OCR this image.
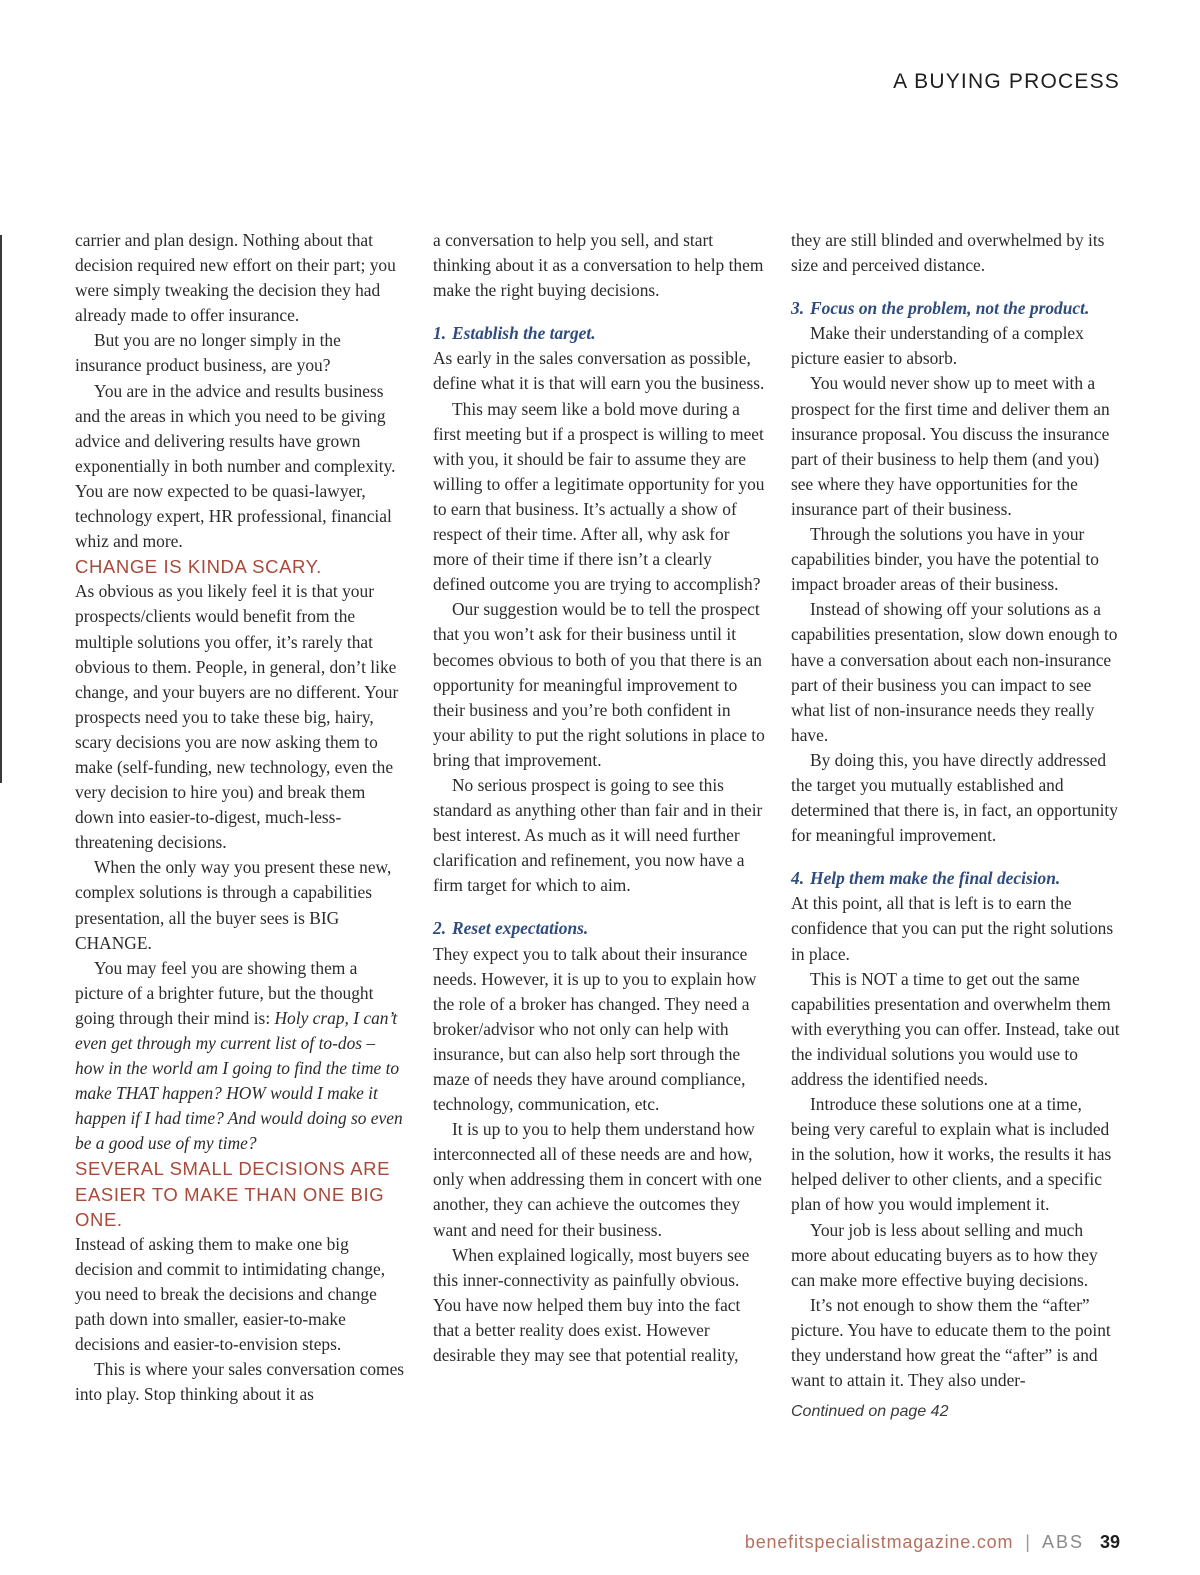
A BUYING PROCESS

carrier and plan design. Nothing about that decision required new effort on their part; you were simply tweaking the decision they had already made to offer insurance.

But you are no longer simply in the insurance product business, are you?

You are in the advice and results business and the areas in which you need to be giving advice and delivering results have grown exponentially in both number and complexity. You are now expected to be quasi-lawyer, technology expert, HR professional, financial whiz and more.

CHANGE IS KINDA SCARY.

As obvious as you likely feel it is that your prospects/clients would benefit from the multiple solutions you offer, it’s rarely that obvious to them. People, in general, don’t like change, and your buyers are no different. Your prospects need you to take these big, hairy, scary decisions you are now asking them to make (self-funding, new technology, even the very decision to hire you) and break them down into easier-to-digest, much-less-threatening decisions.

When the only way you present these new, complex solutions is through a capabilities presentation, all the buyer sees is BIG CHANGE.

You may feel you are showing them a picture of a brighter future, but the thought going through their mind is: Holy crap, I can’t even get through my current list of to-dos – how in the world am I going to find the time to make THAT happen? HOW would I make it happen if I had time? And would doing so even be a good use of my time?

SEVERAL SMALL DECISIONS ARE EASIER TO MAKE THAN ONE BIG ONE.

Instead of asking them to make one big decision and commit to intimidating change, you need to break the decisions and change path down into smaller, easier-to-make decisions and easier-to-envision steps.

This is where your sales conversation comes into play. Stop thinking about it as

a conversation to help you sell, and start thinking about it as a conversation to help them make the right buying decisions.

1. Establish the target.

As early in the sales conversation as possible, define what it is that will earn you the business.

This may seem like a bold move during a first meeting but if a prospect is willing to meet with you, it should be fair to assume they are willing to offer a legitimate opportunity for you to earn that business. It’s actually a show of respect of their time. After all, why ask for more of their time if there isn’t a clearly defined outcome you are trying to accomplish?

Our suggestion would be to tell the prospect that you won’t ask for their business until it becomes obvious to both of you that there is an opportunity for meaningful improvement to their business and you’re both confident in your ability to put the right solutions in place to bring that improvement.

No serious prospect is going to see this standard as anything other than fair and in their best interest. As much as it will need further clarification and refinement, you now have a firm target for which to aim.

2. Reset expectations.

They expect you to talk about their insurance needs. However, it is up to you to explain how the role of a broker has changed. They need a broker/advisor who not only can help with insurance, but can also help sort through the maze of needs they have around compliance, technology, communication, etc.

It is up to you to help them understand how interconnected all of these needs are and how, only when addressing them in concert with one another, they can achieve the outcomes they want and need for their business.

When explained logically, most buyers see this inner-connectivity as painfully obvious. You have now helped them buy into the fact that a better reality does exist. However desirable they may see that potential reality,

they are still blinded and overwhelmed by its size and perceived distance.

3. Focus on the problem, not the product.

Make their understanding of a complex picture easier to absorb.

You would never show up to meet with a prospect for the first time and deliver them an insurance proposal. You discuss the insurance part of their business to help them (and you) see where they have opportunities for the insurance part of their business.

Through the solutions you have in your capabilities binder, you have the potential to impact broader areas of their business.

Instead of showing off your solutions as a capabilities presentation, slow down enough to have a conversation about each non-insurance part of their business you can impact to see what list of non-insurance needs they really have.

By doing this, you have directly addressed the target you mutually established and determined that there is, in fact, an opportunity for meaningful improvement.

4. Help them make the final decision.

At this point, all that is left is to earn the confidence that you can put the right solutions in place.

This is NOT a time to get out the same capabilities presentation and overwhelm them with everything you can offer. Instead, take out the individual solutions you would use to address the identified needs.

Introduce these solutions one at a time, being very careful to explain what is included in the solution, how it works, the results it has helped deliver to other clients, and a specific plan of how you would implement it.

Your job is less about selling and much more about educating buyers as to how they can make more effective buying decisions.

It’s not enough to show them the “after” picture. You have to educate them to the point they understand how great the “after” is and want to attain it. They also under-

Continued on page 42

benefitspecialistmagazine.com | ABS 39
